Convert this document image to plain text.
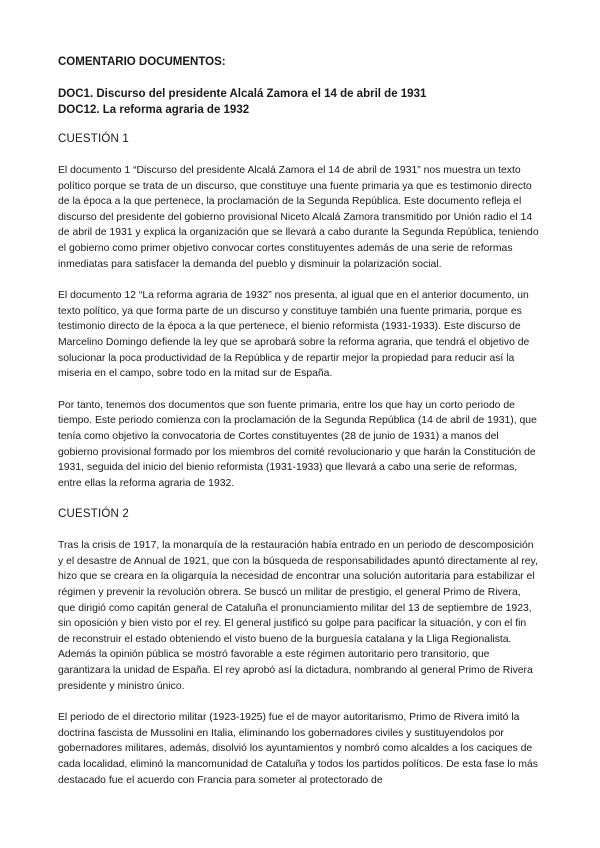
COMENTARIO DOCUMENTOS:
DOC1. Discurso del presidente Alcalá Zamora el 14 de abril de 1931
DOC12. La reforma agraria de 1932
CUESTIÓN 1

El documento 1 “Discurso del presidente Alcalá Zamora el 14 de abril de 1931” nos muestra un texto político porque se trata de un discurso, que constituye una fuente primaria ya que es testimonio directo de la época a la que pertenece, la proclamación de la Segunda República. Este documento refleja el discurso del presidente del gobierno provisional Niceto Alcalá Zamora transmitido por Unión radio el 14 de abril de 1931 y explica la organización que se llevará a cabo durante la Segunda República, teniendo el gobierno como primer objetivo convocar cortes constituyentes además de una serie de reformas inmediatas para satisfacer la demanda del pueblo y disminuir la polarización social.

El documento 12 “La reforma agraria de 1932” nos presenta, al igual que en el anterior documento, un texto político, ya que forma parte de un discurso y constituye también una fuente primaria, porque es testimonio directo de la época a la que pertenece, el bienio reformista (1931-1933). Este discurso de Marcelino Domingo defiende la ley que se aprobará sobre la reforma agraria, que tendrá el objetivo de solucionar la poca productividad de la República y de repartir mejor la propiedad para reducir así la miseria en el campo, sobre todo en la mitad sur de España.

Por tanto, tenemos dos documentos que son fuente primaria, entre los que hay un corto periodo de tiempo. Este periodo comienza con la proclamación de la Segunda República (14 de abril de 1931), que tenía como objetivo la convocatoria de Cortes constituyentes (28 de junio de 1931) a manos del gobierno provisional formado por los miembros del comité revolucionario y que harán la Constitución de 1931, seguida del inicio del bienio reformista (1931-1933) que llevará a cabo una serie de reformas, entre ellas la reforma agraria de 1932.

CUESTIÓN 2

Tras la crisis de 1917, la monarquía de la restauración había entrado en un periodo de descomposición y el desastre de Annual de 1921, que con la búsqueda de responsabilidades apuntó directamente al rey, hizo que se creara en la oligarquía la necesidad de encontrar una solución autoritaria para estabilizar el régimen y prevenir la revolución obrera. Se buscó un militar de prestigio, el general Primo de Rivera, que dirigió como capitán general de Cataluña el pronunciamiento militar del 13 de septiembre de 1923, sin oposición y bien visto por el rey. El general justificó su golpe para pacificar la situación, y con el fin de reconstruir el estado obteniendo el visto bueno de la burguesía catalana y la Lliga Regionalista. Además la opinión pública se mostró favorable a este régimen autoritario pero transitorio, que garantizara la unidad de España. El rey aprobó así la dictadura, nombrando al general Primo de Rivera presidente y ministro único.

El periodo de el directorio militar (1923-1925) fue el de mayor autoritarismo, Primo de Rivera imitó la doctrina fascista de Mussolini en Italia, eliminando los gobernadores civiles y sustituyendolos por gobernadores militares, además, disolvió los ayuntamientos y nombró como alcaldes a los caciques de cada localidad, eliminó la mancomunidad de Cataluña y todos los partidos políticos. De esta fase lo más destacado fue el acuerdo con Francia para someter al protectorado de
